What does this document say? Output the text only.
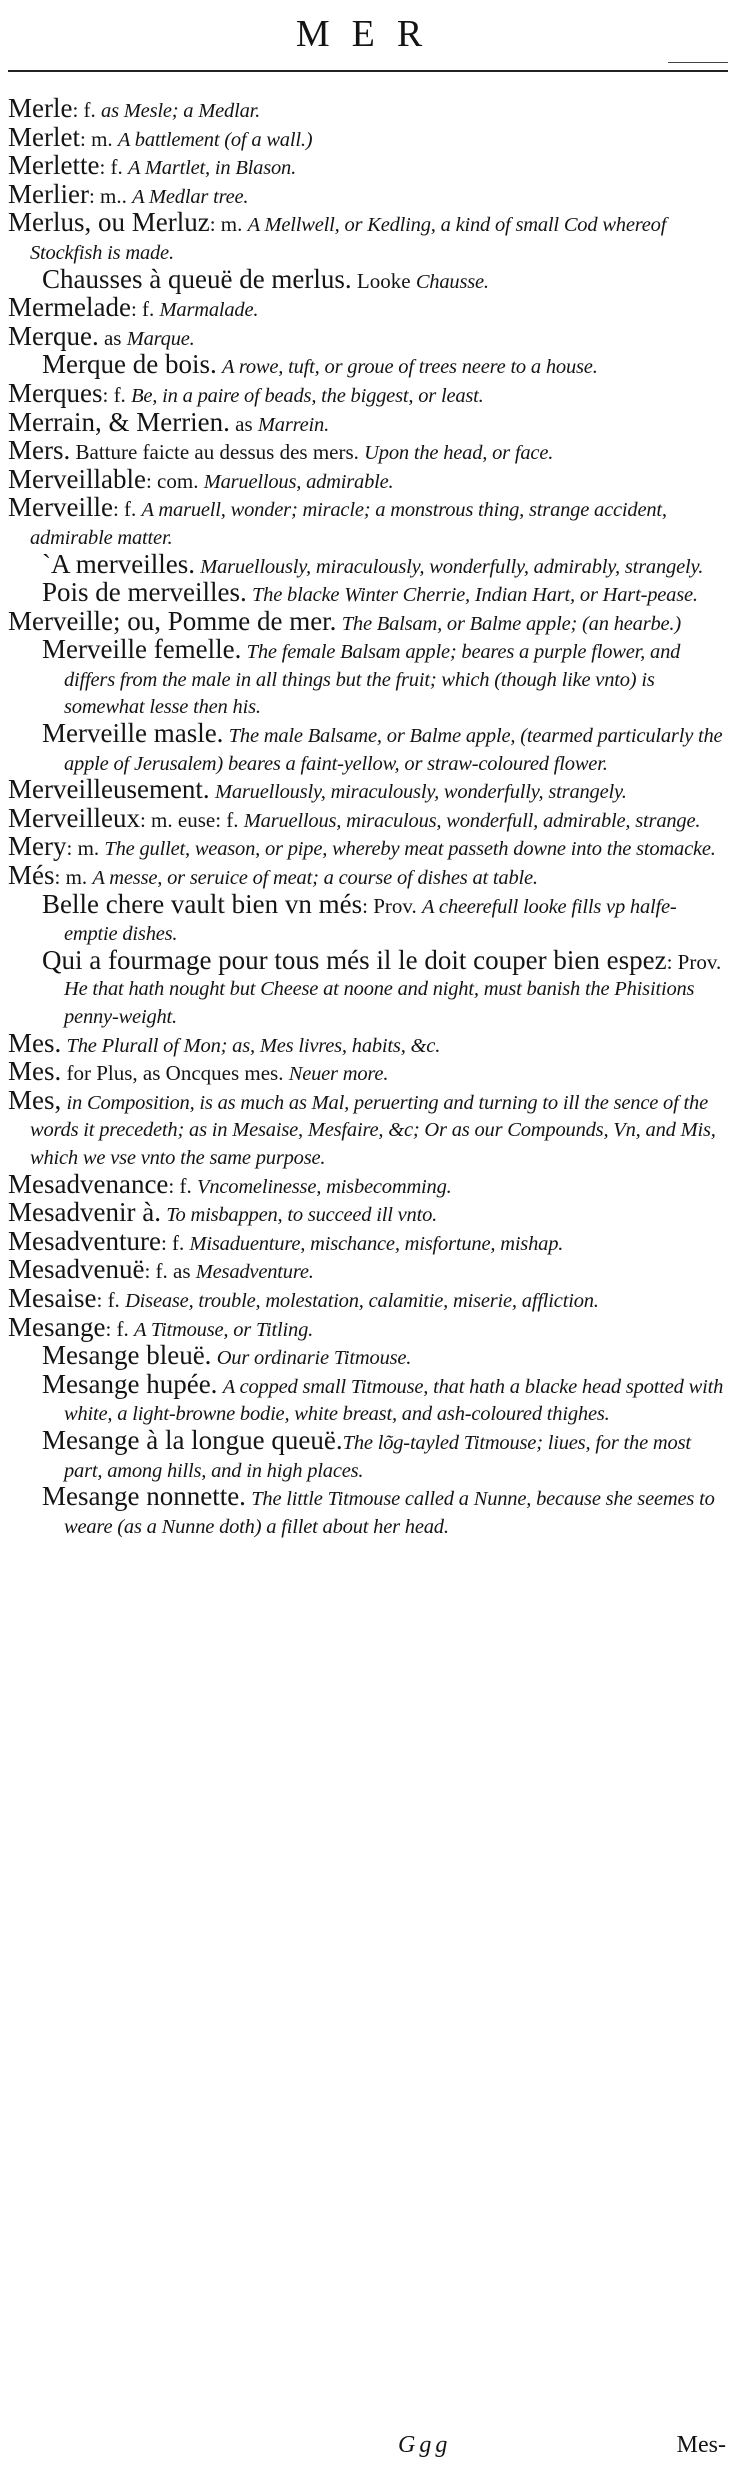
MER

Merle: f. as Mesle; a Medlar.

Merlet: m. A battlement (of a wall.)

Merlette: f. A Martlet, in Blason.

Merlier: m.. A Medlar tree.

Merlus, ou Merluz: m. A Mellwell, or Kedling, a kind of small Cod whereof Stockfish is made.

Chausses à queuë de merlus. Looke Chausse.

Mermelade: f. Marmalade.

Merque. as Marque.

Merque de bois. A rowe, tuft, or groue of trees neere to a house.

Merques: f. Be, in a paire of beads, the biggest, or least.

Merrain, & Merrien. as Marrein.

Mers. Batture faicte au dessus des mers. Upon the head, or face.

Merveillable: com. Maruellous, admirable.

Merveille: f. A maruell, wonder; miracle; a monstrous thing, strange accident, admirable matter.

`A merveilles. Maruellously, miraculously, wonderfully, admirably, strangely.

Pois de merveilles. The blacke Winter Cherrie, Indian Hart, or Hart-pease.

Merveille; ou, Pomme de mer. The Balsam, or Balme apple; (an hearbe.)

Merveille femelle. The female Balsam apple; beares a purple flower, and differs from the male in all things but the fruit; which (though like vnto) is somewhat lesse then his.

Merveille masle. The male Balsame, or Balme apple, (tearmed particularly the apple of Jerusalem) beares a faint-yellow, or straw-coloured flower.

Merveilleusement. Maruellously, miraculously, wonderfully, strangely.

Merveilleux: m. euse: f. Maruellous, miraculous, wonderfull, admirable, strange.

Mery: m. The gullet, weason, or pipe, whereby meat passeth downe into the stomacke.

Més: m. A messe, or seruice of meat; a course of dishes at table.

Belle chere vault bien vn més: Prov. A cheerefull looke fills vp halfe-emptie dishes.

Qui a fourmage pour tous més il le doit couper bien espez: Prov. He that hath nought but Cheese at noone and night, must banish the Phisitions penny-weight.

Mes. The Plurall of Mon; as, Mes livres, habits, &c.

Mes. for Plus, as Oncques mes. Neuer more.

Mes, in Composition, is as much as Mal, peruerting and turning to ill the sence of the words it precedeth; as in Mesaise, Mesfaire, &c; Or as our Compounds, Vn, and Mis, which we vse vnto the same purpose.

Mesadvenance: f. Vncomelinesse, misbecomming.

Mesadvenir à. To misbappen, to succeed ill vnto.

Mesadventure: f. Misaduenture, mischance, misfortune, mishap.

Mesadvenuë: f. as Mesadventure.

Mesaise: f. Disease, trouble, molestation, calamitie, miserie, affliction.

Mesange: f. A Titmouse, or Titling.

Mesange bleuë. Our ordinarie Titmouse.

Mesange hupée. A copped small Titmouse, that hath a blacke head spotted with white, a light-browne bodie, white breast, and ash-coloured thighes.

Mesange à la longue queuë.The lõg-tayled Titmouse; liues, for the most part, among hills, and in high places.

Mesange nonnette. The little Titmouse called a Nunne, because she seemes to weare (as a Nunne doth) a fillet about her head.

Ggg	Mes-
